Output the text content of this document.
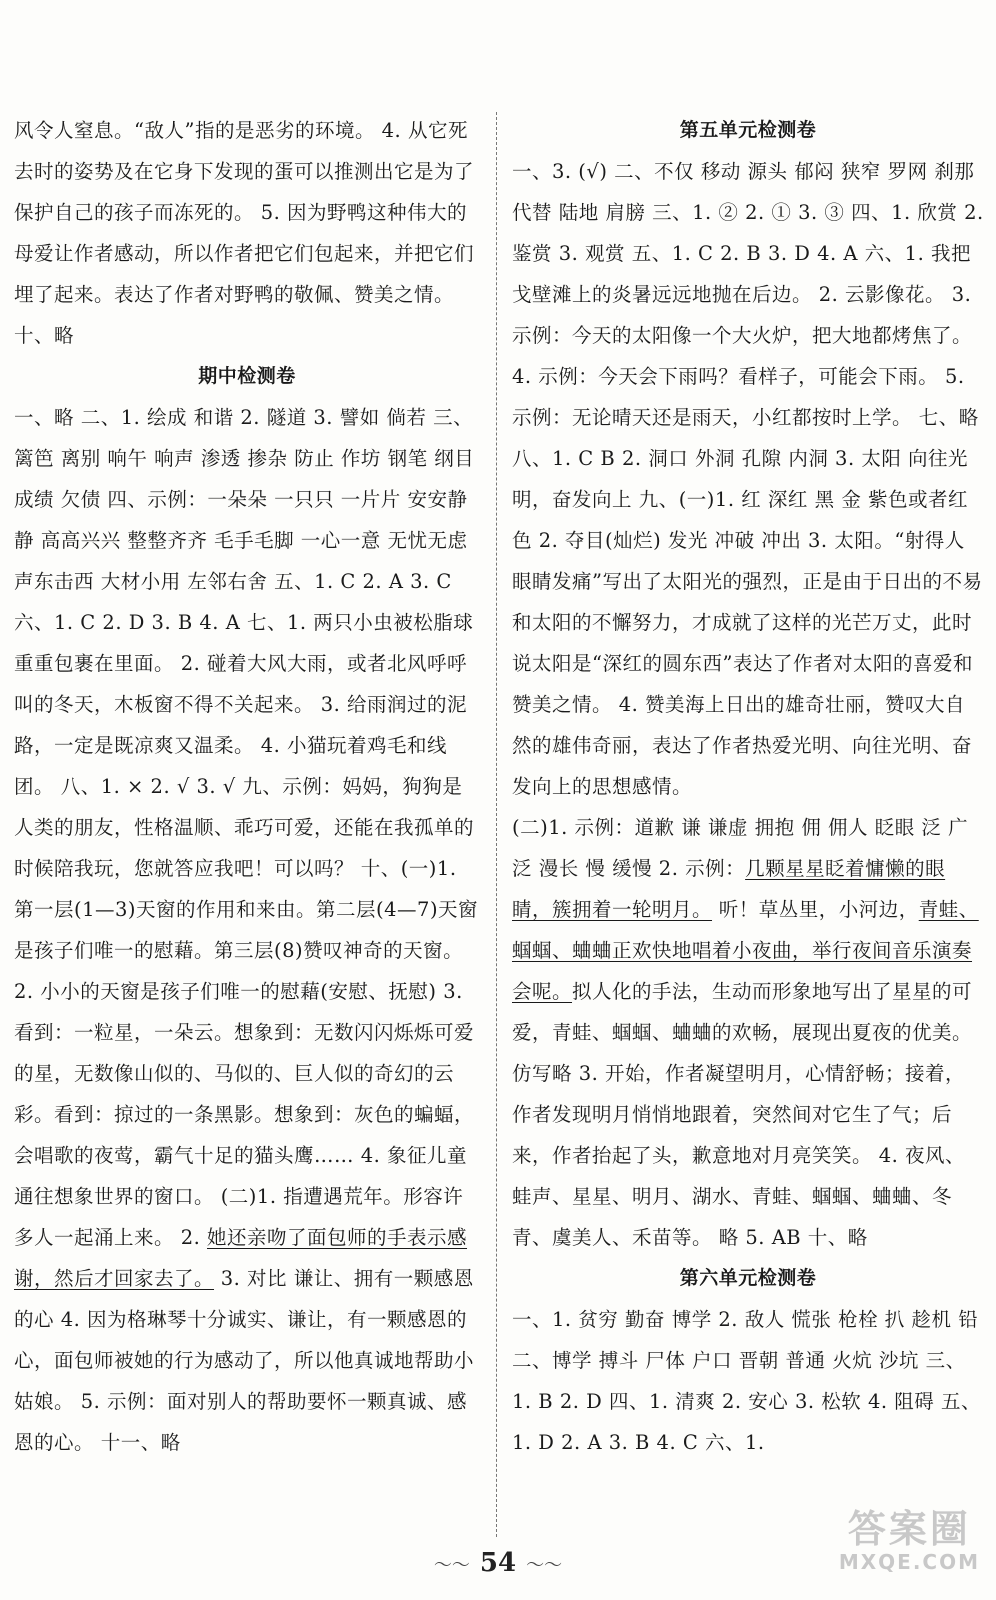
风令人窒息。“敌人”指的是恶劣的环境。 4. 从它死去时的姿势及在它身下发现的蛋可以推测出它是为了保护自己的孩子而冻死的。 5. 因为野鸭这种伟大的母爱让作者感动，所以作者把它们包起来，并把它们埋了起来。表达了作者对野鸭的敬佩、赞美之情。

十、略

期中检测卷

一、略 二、1. 绘成 和谐 2. 隧道 3. 譬如 倘若 三、篱笆 离别 响午 响声 渗透 掺杂 防止 作坊 钢笔 纲目 成绩 欠债 四、示例：一朵朵 一只只 一片片 安安静静 高高兴兴 整整齐齐 毛手毛脚 一心一意 无忧无虑 声东击西 大材小用 左邻右舍 五、1. C 2. A 3. C 六、1. C 2. D 3. B 4. A 七、1. 两只小虫被松脂球重重包裹在里面。 2. 碰着大风大雨，或者北风呼呼叫的冬天，木板窗不得不关起来。 3. 给雨润过的泥路，一定是既凉爽又温柔。 4. 小猫玩着鸡毛和线团。 八、1. × 2. √ 3. √ 九、示例：妈妈，狗狗是人类的朋友，性格温顺、乖巧可爱，还能在我孤单的时候陪我玩，您就答应我吧！可以吗？ 十、(一)1. 第一层(1—3)天窗的作用和来由。第二层(4—7)天窗是孩子们唯一的慰藉。第三层(8)赞叹神奇的天窗。 2. 小小的天窗是孩子们唯一的慰藉(安慰、抚慰) 3. 看到：一粒星，一朵云。想象到：无数闪闪烁烁可爱的星，无数像山似的、马似的、巨人似的奇幻的云彩。看到：掠过的一条黑影。想象到：灰色的蝙蝠，会唱歌的夜莺，霸气十足的猫头鹰…… 4. 象征儿童通往想象世界的窗口。 (二)1. 指遭遇荒年。形容许多人一起涌上来。 2. 她还亲吻了面包师的手表示感谢，然后才回家去了。 3. 对比 谦让、拥有一颗感恩的心 4. 因为格琳琴十分诚实、谦让，有一颗感恩的心，面包师被她的行为感动了，所以他真诚地帮助小姑娘。 5. 示例：面对别人的帮助要怀一颗真诚、感恩的心。 十一、略

第五单元检测卷

一、3. (√) 二、不仅 移动 源头 郁闷 狭窄 罗网 刹那 代替 陆地 肩膀 三、1. ② 2. ① 3. ③ 四、1. 欣赏 2. 鉴赏 3. 观赏 五、1. C 2. B 3. D 4. A 六、1. 我把戈壁滩上的炎暑远远地抛在后边。 2. 云影像花。 3. 示例：今天的太阳像一个大火炉，把大地都烤焦了。 4. 示例：今天会下雨吗？看样子，可能会下雨。 5. 示例：无论晴天还是雨天，小红都按时上学。 七、略 八、1. C B 2. 洞口 外洞 孔隙 内洞 3. 太阳 向往光明，奋发向上 九、(一)1. 红 深红 黑 金 紫色或者红色 2. 夺目(灿烂) 发光 冲破 冲出 3. 太阳。“射得人眼睛发痛”写出了太阳光的强烈，正是由于日出的不易和太阳的不懈努力，才成就了这样的光芒万丈，此时说太阳是“深红的圆东西”表达了作者对太阳的喜爱和赞美之情。 4. 赞美海上日出的雄奇壮丽，赞叹大自然的雄伟奇丽，表达了作者热爱光明、向往光明、奋发向上的思想感情。

(二)1. 示例：道歉 谦 谦虚 拥抱 佣 佣人 眨眼 泛 广泛 漫长 慢 缓慢 2. 示例：几颗星星眨着慵懒的眼睛，簇拥着一轮明月。 听！草丛里，小河边，青蛙、蝈蝈、蛐蛐正欢快地唱着小夜曲，举行夜间音乐演奏会呢。拟人化的手法，生动而形象地写出了星星的可爱，青蛙、蝈蝈、蛐蛐的欢畅，展现出夏夜的优美。 仿写略 3. 开始，作者凝望明月，心情舒畅；接着，作者发现明月悄悄地跟着，突然间对它生了气；后来，作者抬起了头，歉意地对月亮笑笑。 4. 夜风、蛙声、星星、明月、湖水、青蛙、蝈蝈、蛐蛐、冬青、虞美人、禾苗等。 略 5. AB 十、略

第六单元检测卷

一、1. 贫穷 勤奋 博学 2. 敌人 慌张 枪栓 扒 趁机 铅 二、博学 搏斗 尸体 户口 晋朝 普通 火炕 沙坑 三、1. B 2. D 四、1. 清爽 2. 安心 3. 松软 4. 阻碍 五、1. D 2. A 3. B 4. C 六、1.

～～ 54 ～～
答案圈
MXQE.COM
